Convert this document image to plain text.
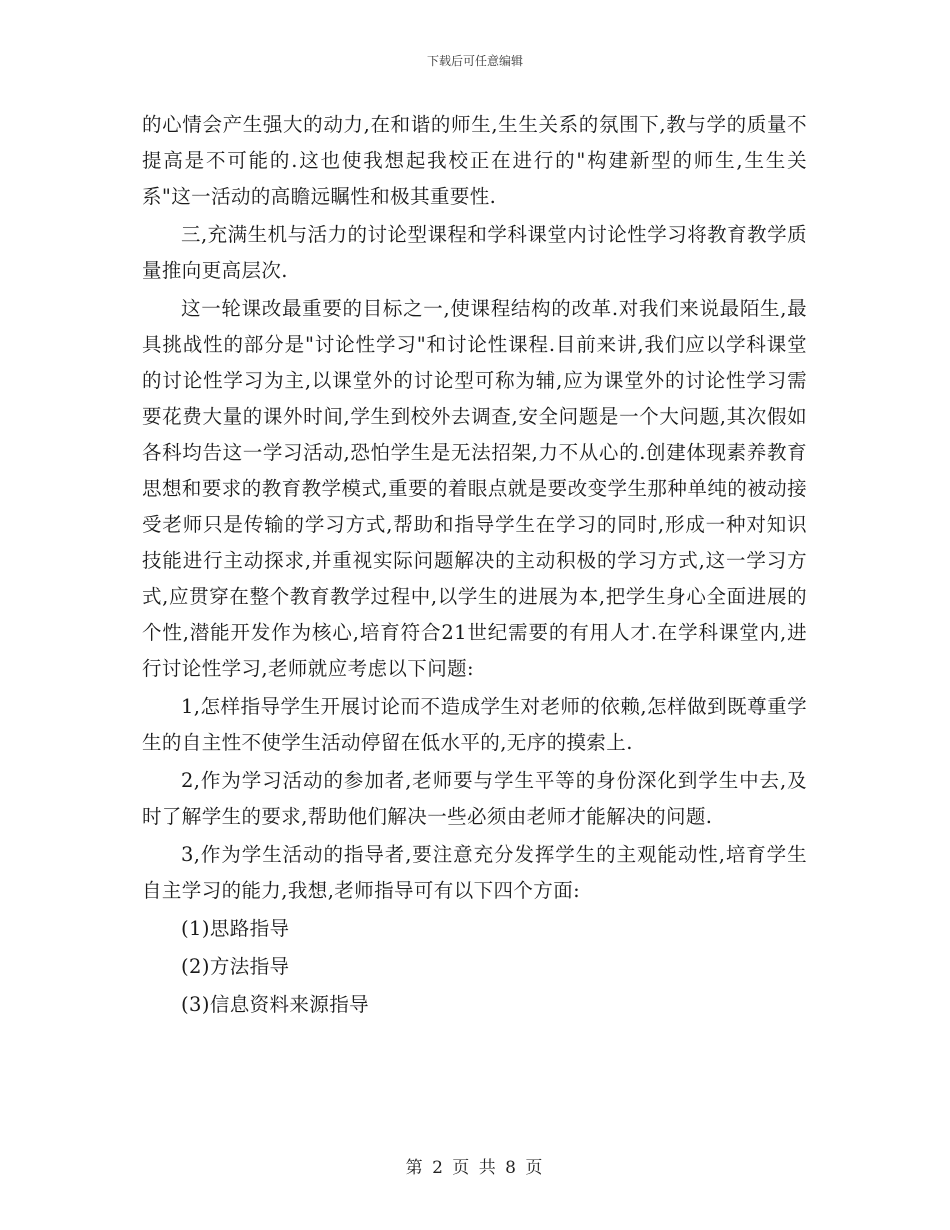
下载后可任意编辑

的心情会产生强大的动力,在和谐的师生,生生关系的氛围下,教与学的质量不提高是不可能的.这也使我想起我校正在进行的"构建新型的师生,生生关系"这一活动的高瞻远瞩性和极其重要性.

三,充满生机与活力的讨论型课程和学科课堂内讨论性学习将教育教学质量推向更高层次.

这一轮课改最重要的目标之一,使课程结构的改革.对我们来说最陌生,最具挑战性的部分是"讨论性学习"和讨论性课程.目前来讲,我们应以学科课堂的讨论性学习为主,以课堂外的讨论型可称为辅,应为课堂外的讨论性学习需要花费大量的课外时间,学生到校外去调查,安全问题是一个大问题,其次假如各科均告这一学习活动,恐怕学生是无法招架,力不从心的.创建体现素养教育思想和要求的教育教学模式,重要的着眼点就是要改变学生那种单纯的被动接受老师只是传输的学习方式,帮助和指导学生在学习的同时,形成一种对知识技能进行主动探求,并重视实际问题解决的主动积极的学习方式,这一学习方式,应贯穿在整个教育教学过程中,以学生的进展为本,把学生身心全面进展的个性,潜能开发作为核心,培育符合21世纪需要的有用人才.在学科课堂内,进行讨论性学习,老师就应考虑以下问题:

1,怎样指导学生开展讨论而不造成学生对老师的依赖,怎样做到既尊重学生的自主性不使学生活动停留在低水平的,无序的摸索上.

2,作为学习活动的参加者,老师要与学生平等的身份深化到学生中去,及时了解学生的要求,帮助他们解决一些必须由老师才能解决的问题.

3,作为学生活动的指导者,要注意充分发挥学生的主观能动性,培育学生自主学习的能力,我想,老师指导可有以下四个方面:

(1)思路指导

(2)方法指导

(3)信息资料来源指导

第 2 页 共 8 页
